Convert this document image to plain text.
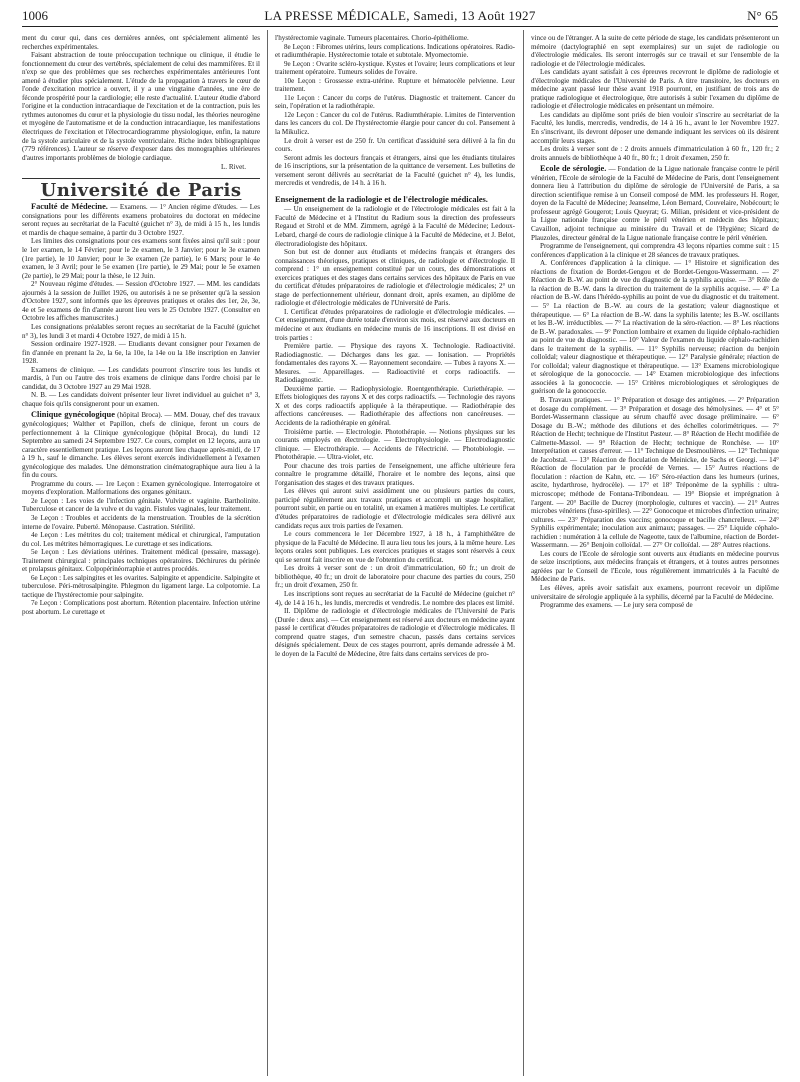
1006	LA PRESSE MÉDICALE, Samedi, 13 Août 1927	N° 65

ment du cœur qui, dans ces dernières années, ont spécialement alimenté les recherches expérimentales.

Faisant abstraction de toute préoccupation technique ou clinique, il étudie le fonctionnement du cœur des vertébrés, spécialement de celui des mammifères. Et il n'exp se que des problèmes que ses recherches expérimentales antérieures l'ont amené à étudier plus spécialement. L'étude de la propagation à travers le cœur de l'onde d'excitation motrice a ouvert, il y a une vingtaine d'années, une ère de féconde prospérité pour la cardiologie; elle reste d'actualité. L'auteur étudie d'abord l'origine et la conduction intracardiaque de l'excitation et de la contraction, puis les rythmes autonomes du cœur et la physiologie du tissu nodal, les théories neurogène et myogène de l'automatisme et de la conduction intracardiaque, les manifestations électriques de l'excitation et l'électrocardiogramme physiologique, enfin, la nature de la systole auriculaire et de la systole ventriculaire. Riche index bibliographique (779 références). L'auteur se réserve d'exposer dans des monographies ultérieures d'autres importants problèmes de biologie cardiaque.

L. Rivet.
Université de Paris

Faculté de Médecine. — Examens. — 1° Ancien régime d'études. — Les consignations pour les différents examens probatoires du doctorat en médecine seront reçues au secrétariat de la Faculté (guichet n° 3), de midi à 15 h., les lundis et mardis de chaque semaine, à partir du 3 Octobre 1927.

Les limites des consignations pour ces examens sont fixées ainsi qu'il suit : pour le 1er examen, le 14 Février; pour le 2e examen, le 3 Janvier; pour le 3e examen (1re partie), le 10 Janvier; pour le 3e examen (2e partie), le 6 Mars; pour le 4e examen, le 3 Avril; pour le 5e examen (1re partie), le 29 Mai; pour le 5e examen (2e partie), le 29 Mai; pour la thèse, le 12 Juin.

2° Nouveau régime d'études. — Session d'Octobre 1927. — MM. les candidats ajournés à la session de Juillet 1926, ou autorisés à ne se présenter qu'à la session d'Octobre 1927, sont informés que les épreuves pratiques et orales des 1er, 2e, 3e, 4e et 5e examens de fin d'année auront lieu vers le 25 Octobre 1927. (Consulter en Octobre les affiches manuscrites.)

Les consignations préalables seront reçues au secrétariat de la Faculté (guichet n° 3), les lundi 3 et mardi 4 Octobre 1927, de midi à 15 h.

Session ordinaire 1927-1928. — Etudiants devant consigner pour l'examen de fin d'année en prenant la 2e, la 6e, la 10e, la 14e ou la 18e inscription en Janvier 1928.

Examens de clinique. — Les candidats pourront s'inscrire tous les lundis et mardis, à l'un ou l'autre des trois examens de clinique dans l'ordre choisi par le candidat, du 3 Octobre 1927 au 29 Mai 1928.

N. B. — Les candidats doivent présenter leur livret individuel au guichet n° 3, chaque fois qu'ils consigneront pour un examen.

Clinique gynécologique (hôpital Broca). — MM. Douay, chef des travaux gynécologiques; Walther et Papillon, chefs de clinique, feront un cours de perfectionnement à la Clinique gynécologique (hôpital Broca), du lundi 12 Septembre au samedi 24 Septembre 1927. Ce cours, complet en 12 leçons, aura un caractère essentiellement pratique. Les leçons auront lieu chaque après-midi, de 17 à 19 h., sauf le dimanche. Les élèves seront exercés individuellement à l'examen gynécologique des malades. Une démonstration cinématographique aura lieu à la fin du cours.

Programme du cours. — 1re Leçon : Examen gynécologique. Interrogatoire et moyens d'exploration. Malformations des organes génitaux.

2e Leçon : Les voies de l'infection génitale. Vulvite et vaginite. Bartholinite. Tuberculose et cancer de la vulve et du vagin. Fistules vaginales, leur traitement.

3e Leçon : Troubles et accidents de la menstruation. Troubles de la sécrétion interne de l'ovaire. Puberté. Ménopause. Castration. Stérilité.

4e Leçon : Les métrites du col; traitement médical et chirurgical, l'amputation du col. Les métrites hémorragiques. Le curettage et ses indications.

5e Leçon : Les déviations utérines. Traitement médical (pessaire, massage). Traitement chirurgical : principales techniques opératoires. Déchirures du périnée et prolapsus génitaux. Colpopérinéorraphie et autres procédés.

6e Leçon : Les salpingites et les ovarites. Salpingite et appendicite. Salpingite et tuberculose. Péri-métrosalpingite. Phlegmon du ligament large. La colpotomie. La tactique de l'hystérectomie pour salpingite.

7e Leçon : Complications post abortum. Rétention placentaire. Infection utérine post abortum. Le curettage et

l'hystérectomie vaginale. Tumeurs placentaires. Chorio-épithéliome.

8e Leçon : Fibromes utérins, leurs complications. Indications opératoires. Radio- et radiumthérapie. Hystérectomie totale et subtotale. Myomectomie.

9e Leçon : Ovarite scléro-kystique. Kystes et l'ovaire; leurs complications et leur traitement opératoire. Tumeurs solides de l'ovaire.

10e Leçon : Grossesse extra-utérine. Rupture et hématocèle pelvienne. Leur traitement.

11e Leçon : Cancer du corps de l'utérus. Diagnostic et traitement. Cancer du sein, l'opération et la radiothérapie.

12e Leçon : Cancer du col de l'utérus. Radiumthérapie. Limites de l'intervention dans les cancers du col. De l'hystérectomie élargie pour cancer du col. Pansement à la Mikulicz.

Le droit à verser est de 250 fr. Un certificat d'assiduité sera délivré à la fin du cours.

Seront admis les docteurs français et étrangers, ainsi que les étudiants titulaires de 16 inscriptions, sur la présentation de la quittance de versement. Les bulletins de versement seront délivrés au secrétariat de la Faculté (guichet n° 4), les lundis, mercredis et vendredis, de 14 h. à 16 h.

Enseignement de la radiologie et de l'électrologie médicales.

— Un enseignement de la radiologie et de l'électrologie médicales est fait à la Faculté de Médecine et à l'Institut du Radium sous la direction des professeurs Regaud et Strohl et de MM. Zimmern, agrégé à la Faculté de Médecine; Ledoux-Lebard, chargé de cours de radiologie clinique à la Faculté de Médecine, et J. Belot, électroradiologiste des hôpitaux.

Son but est de donner aux étudiants et médecins français et étrangers des connaissances théoriques, pratiques et cliniques, de radiologie et d'électrologie. Il comprend : 1° un enseignement constitué par un cours, des démonstrations et exercices pratiques et des stages dans certains services des hôpitaux de Paris en vue du certificat d'études préparatoires de radiologie et d'électrologie médicales; 2° un stage de perfectionnement ultérieur, donnant droit, après examen, au diplôme de radiologie et d'électrologie médicales de l'Université de Paris.

I. Certificat d'études préparatoires de radiologie et d'électrologie médicales. — Cet enseignement, d'une durée totale d'environ six mois, est réservé aux docteurs en médecine et aux étudiants en médecine munis de 16 inscriptions. Il est divisé en trois parties :

Première partie. — Physique des rayons X. Technologie. Radioactivité. Radiodiagnostic. — Décharges dans les gaz. — Ionisation. — Propriétés fondamentales des rayons X. — Rayonnement secondaire. — Tubes à rayons X. — Mesures. — Appareillages. — Radioactivité et corps radioactifs. — Radiodiagnostic.

Deuxième partie. — Radiophysiologie. Roentgenthérapie. Curiethérapie. — Effets biologiques des rayons X et des corps radioactifs. — Technologie des rayons X et des corps radioactifs appliquée à la thérapeutique. — Radiothérapie des affections cancéreuses. — Radiothérapie des affections non cancéreuses. — Accidents de la radiothérapie en général.

Troisième partie. — Electrologie. Photothérapie. — Notions physiques sur les courants employés en électrologie. — Electrophysiologie. — Electrodiagnostic clinique. — Electrothérapie. — Accidents de l'électricité. — Photobiologie. — Photothérapie. — Ultra-violet, etc.

Pour chacune des trois parties de l'enseignement, une affiche ultérieure fera connaître le programme détaillé, l'horaire et le nombre des leçons, ainsi que l'organisation des stages et des travaux pratiques.

Les élèves qui auront suivi assidûment une ou plusieurs parties du cours, participé régulièrement aux travaux pratiques et accompli un stage hospitalier, pourront subir, en partie ou en totalité, un examen à matières multiples. Le certificat d'études préparatoires de radiologie et d'électrologie médicales sera délivré aux candidats reçus aux trois parties de l'examen.

Le cours commencera le 1er Décembre 1927, à 18 h., à l'amphithéâtre de physique de la Faculté de Médecine. Il aura lieu tous les jours, à la même heure. Les leçons orales sont publiques. Les exercices pratiques et stages sont réservés à ceux qui se seront fait inscrire en vue de l'obtention du certificat.

Les droits à verser sont de : un droit d'immatriculation, 60 fr.; un droit de bibliothèque, 40 fr.; un droit de laboratoire pour chacune des parties du cours, 250 fr.; un droit d'examen, 250 fr.

Les inscriptions sont reçues au secrétariat de la Faculté de Médecine (guichet n° 4), de 14 à 16 h., les lundis, mercredis et vendredis. Le nombre des places est limité.

II. Diplôme de radiologie et d'électrologie médicales de l'Université de Paris (Durée : deux ans). — Cet enseignement est réservé aux docteurs en médecine ayant passé le certificat d'études préparatoires de radiologie et d'électrologie médicales. Il comprend quatre stages, d'un semestre chacun, passés dans certains services désignés spécialement. Deux de ces stages pourront, après demande adressée à M. le doyen de la Faculté de Médecine, être faits dans certains services de pro-

vince ou de l'étranger. A la suite de cette période de stage, les candidats présenteront un mémoire (dactylographié en sept exemplaires) sur un sujet de radiologie ou d'électrologie médicales. Ils seront interrogés sur ce travail et sur l'ensemble de la radiologie et de l'électrologie médicales.

Les candidats ayant satisfait à ces épreuves recevront le diplôme de radiologie et d'électrologie médicales de l'Université de Paris. A titre transitoire, les docteurs en médecine ayant passé leur thèse avant 1918 pourront, en justifiant de trois ans de pratique radiologique et électrologique, être autorisés à subir l'examen du diplôme de radiologie et d'électrologie médicales en présentant un mémoire.

Les candidats au diplôme sont priés de bien vouloir s'inscrire au secrétariat de la Faculté, les lundis, mercredis, vendredis, de 14 à 16 h., avant le 1er Novembre 1927. En s'inscrivant, ils devront déposer une demande indiquant les services où ils désirent accomplir leurs stages.

Les droits à verser sont de : 2 droits annuels d'immatriculation à 60 fr., 120 fr.; 2 droits annuels de bibliothèque à 40 fr., 80 fr.; 1 droit d'examen, 250 fr.

Ecole de sérologie. — Fondation de la Ligue nationale française contre le péril vénérien, l'Ecole de sérologie de la Faculté de Médecine de Paris, dont l'enseignement donnera lieu à l'attribution du diplôme de sérologie de l'Université de Paris, a sa direction scientifique remise à un Conseil composé de MM. les professeurs H. Roger, doyen de la Faculté de Médecine; Jeanselme, Léon Bernard, Couvelaire, Nobécourt; le professeur agrégé Gougerot; Louis Queyrat; G. Milian, président et vice-président de la Ligue nationale française contre le péril vénérien et médecin des hôpitaux; Cavaillon, adjoint technique au ministère du Travail et de l'Hygiène; Sicard de Plauzoles, directeur général de la Ligue nationale française contre le péril vénérien.

Programme de l'enseignement, qui comprendra 43 leçons réparties comme suit : 15 conférences d'application à la clinique et 28 séances de travaux pratiques.

A. Conférences d'application à la clinique. — 1° Histoire et signification des réactions de fixation de Bordet-Gengou et de Bordet-Gengou-Wassermann. — 2° Réaction de B.-W. au point de vue du diagnostic de la syphilis acquise. — 3° Rôle de la réaction de B.-W. dans la direction du traitement de la syphilis acquise. — 4° La réaction de B.-W. dans l'hérédo-syphilis au point de vue du diagnostic et du traitement. — 5° La réaction de B.-W. au cours de la gestation; valeur diagnostique et thérapeutique. — 6° La réaction de B.-W. dans la syphilis latente; les B.-W. oscillants et les B.-W. irréductibles. — 7° La réactivation de la séro-réaction. — 8° Les réactions de B.-W. paradoxales. — 9° Ponction lombaire et examen du liquide céphalo-rachidien au point de vue du diagnostic. — 10° Valeur de l'examen du liquide céphalo-rachidien dans le traitement de la syphilis. — 11° Syphilis nerveuse; réaction du benjoin colloïdal; valeur diagnostique et thérapeutique. — 12° Paralysie générale; réaction de l'or colloïdal; valeur diagnostique et thérapeutique. — 13° Examens microbiologique et sérologique de la gonococcie. — 14° Examen microbiologique des infections associées à la gonococcie. — 15° Critères microbiologiques et sérologiques de guérison de la gonococcie.

B. Travaux pratiques. — 1° Préparation et dosage des antigènes. — 2° Préparation et dosage du complément. — 3° Préparation et dosage des hémolysines. — 4° et 5° Bordet-Wassermann classique au sérum chauffé avec dosage préliminaire. — 6° Dosage du B.-W.; méthode des dilutions et des échelles colorimétriques. — 7° Réaction de Hecht; technique de l'Institut Pasteur. — 8° Réaction de Hecht modifiée de Calmette-Massol. — 9° Réaction de Hecht; technique de Ronchèse. — 10° Interprétation et causes d'erreur. — 11° Technique de Desmoulières. — 12° Technique de Jacobstal. — 13° Réaction de floculation de Meinicke, de Sachs et Georgi. — 14° Réaction de floculation par le procédé de Vernes. — 15° Autres réactions de floculation : réaction de Kahn, etc. — 16° Séro-réaction dans les humeurs (urines, ascite, hydarthrose, hydrocèle). — 17° et 18° Tréponème de la syphilis : ultra-microscope; méthode de Fontana-Tribondeau. — 19° Biopsie et imprégnation à l'argent. — 20° Bacille de Ducrey (morphologie, cultures et vaccin). — 21° Autres microbes vénériens (fuso-spirilles). — 22° Gonocoque et microbes d'infection urinaire; cultures. — 23° Préparation des vaccins; gonocoque et bacille chancrelleux. — 24° Syphilis expérimentale; inoculation aux animaux; passages. — 25° Liquide céphalo-rachidien : numération à la cellule de Nageotte, taux de l'albumine, réaction de Bordet-Wassermann. — 26° Benjoin colloïdal. — 27° Or colloïdal. — 28° Autres réactions.

Les cours de l'Ecole de sérologie sont ouverts aux étudiants en médecine pourvus de seize inscriptions, aux médecins français et étrangers, et à toutes autres personnes agréées par le Conseil de l'Ecole, tous régulièrement immatriculés à la Faculté de Médecine de Paris.

Les élèves, après avoir satisfait aux examens, pourront recevoir un diplôme universitaire de sérologie appliquée à la syphilis, décerné par la Faculté de Médecine.

Programme des examens. — Le jury sera composé de
